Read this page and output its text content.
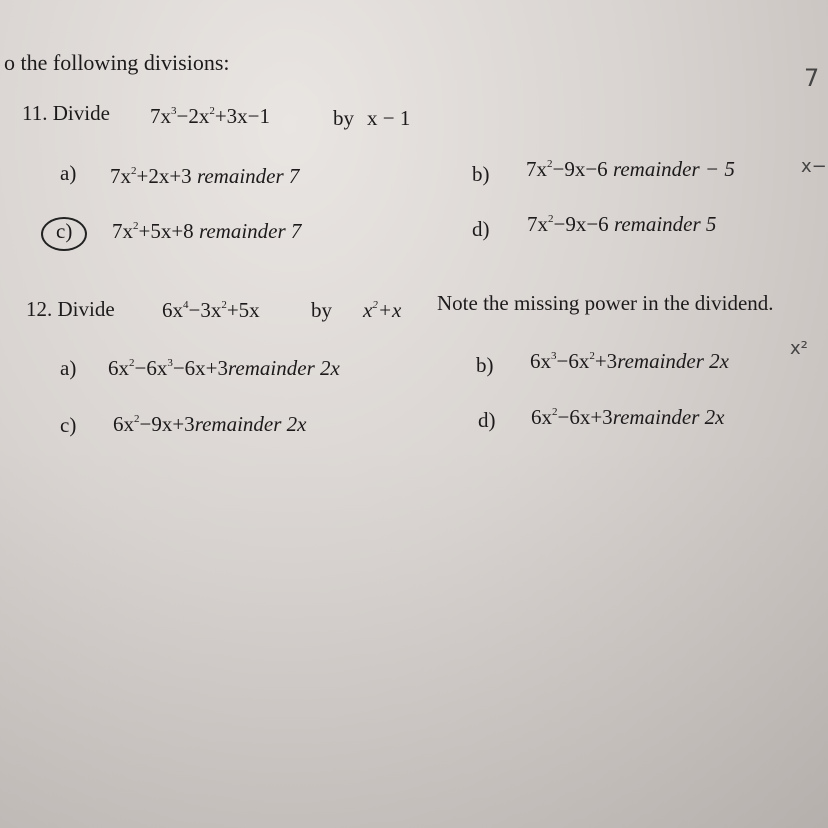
o the following divisions:
11. Divide $7x^3-2x^2+3x-1$	by x − 1
a) $7x^2+2x+3$ remainder 7	b) $7x^2-9x-6$ remainder − 5
c) $7x^2+5x+8$ remainder 7	d) $7x^2-9x-6$ remainder 5
12. Divide $6x^4-3x^2+5x$ by $x^2+x$ Note the missing power in the dividend.
a) $6x^2-6x^3-6x+3remainder$ 2x	b) $6x^3-6x^2+3remainder$ 2x
c) $6x^2-9x+3remainder$ 2x	d) $6x^2-6x+3remainder$ 2x
7
x−
x²
